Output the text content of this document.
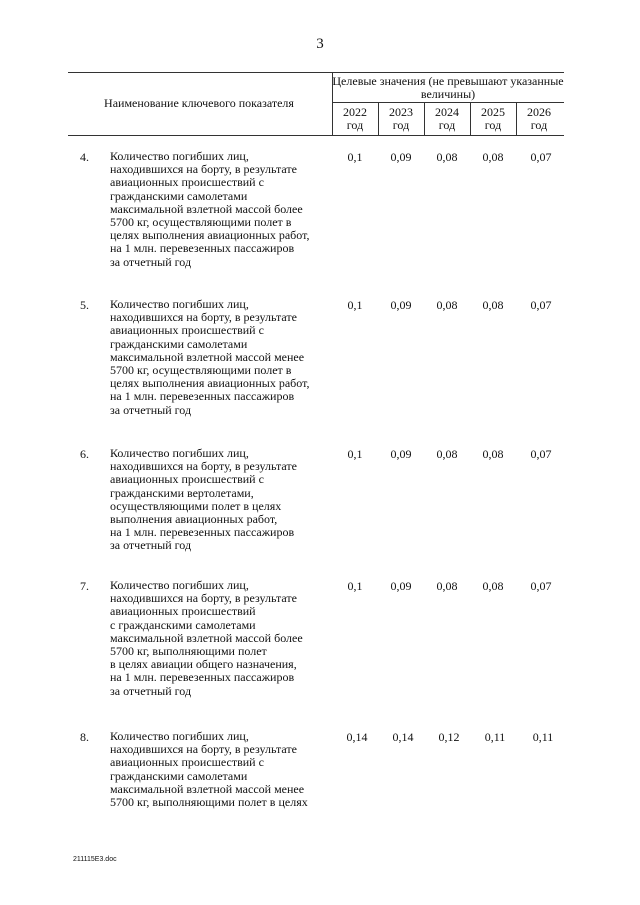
3
Наименование ключевого показателя
Целевые значения (не превышают указанные величины)
2022
год
2023
год
2024
год
2025
год
2026
год
4. Количество погибших лиц,
находившихся на борту, в результате
авиационных происшествий с
гражданскими самолетами
максимальной взлетной массой более
5700 кг, осуществляющими полет в
целях выполнения авиационных работ,
на 1 млн. перевезенных пассажиров
за отчетный год
0,1	0,09	0,08	0,08	0,07
5. Количество погибших лиц,
находившихся на борту, в результате
авиационных происшествий с
гражданскими самолетами
максимальной взлетной массой менее
5700 кг, осуществляющими полет в
целях выполнения авиационных работ,
на 1 млн. перевезенных пассажиров
за отчетный год
0,1	0,09	0,08	0,08	0,07
6. Количество погибших лиц,
находившихся на борту, в результате
авиационных происшествий с
гражданскими вертолетами,
осуществляющими полет в целях
выполнения авиационных работ,
на 1 млн. перевезенных пассажиров
за отчетный год
0,1	0,09	0,08	0,08	0,07
7. Количество погибших лиц,
находившихся на борту, в результате
авиационных происшествий
с гражданскими самолетами
максимальной взлетной массой более
5700 кг, выполняющими полет
в целях авиации общего назначения,
на 1 млн. перевезенных пассажиров
за отчетный год
0,1	0,09	0,08	0,08	0,07
8. Количество погибших лиц,
находившихся на борту, в результате
авиационных происшествий с
гражданскими самолетами
максимальной взлетной массой менее
5700 кг, выполняющими полет в целях
0,14	0,14	0,12	0,11	0,11
211115E3.doc
